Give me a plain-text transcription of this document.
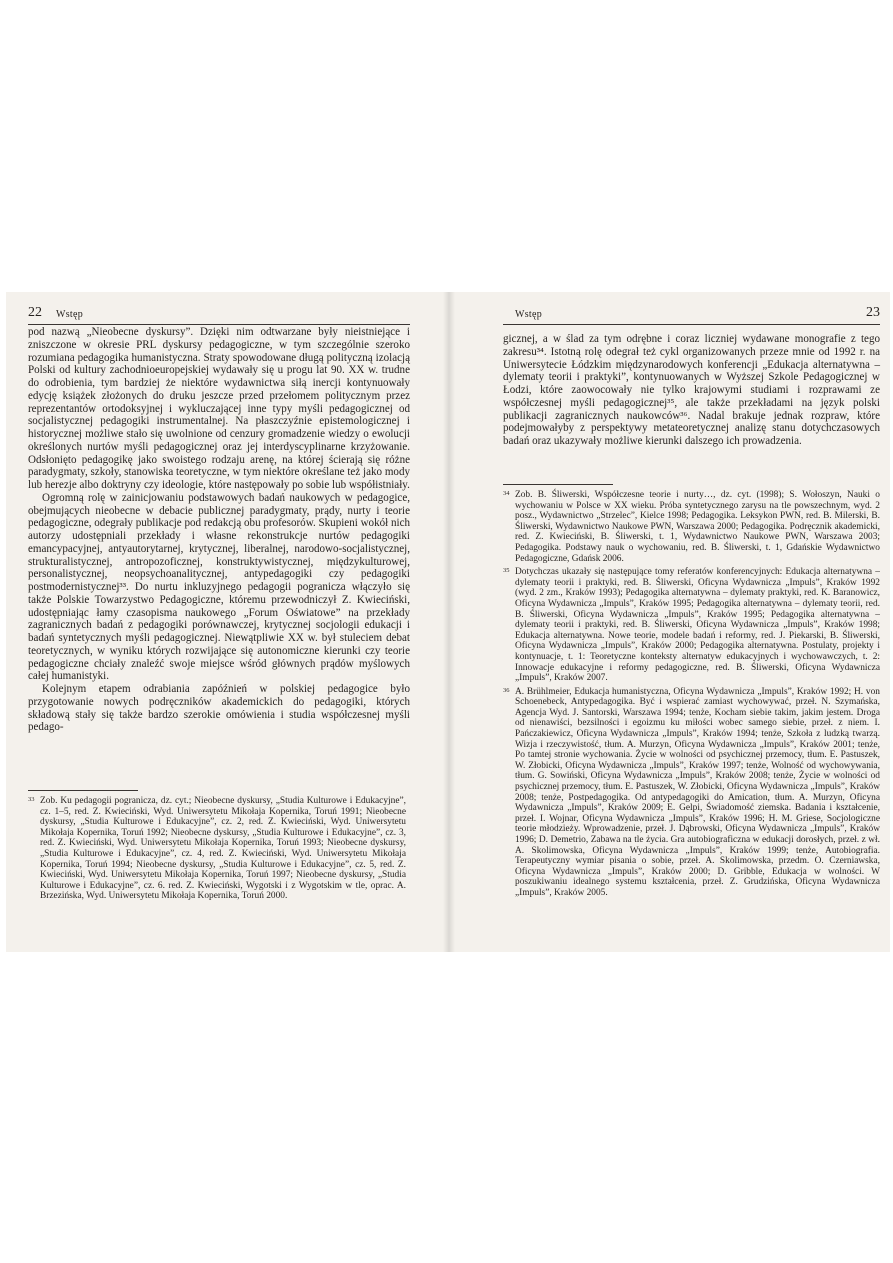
22 Wstęp

pod nazwą „Nieobecne dyskursy”. Dzięki nim odtwarzane były nieistniejące i zniszczone w okresie PRL dyskursy pedagogiczne, w tym szczególnie szeroko rozumiana pedagogika humanistyczna. Straty spowodowane długą polityczną izolacją Polski od kultury zachodnioeuropejskiej wydawały się u progu lat 90. XX w. trudne do odrobienia, tym bardziej że niektóre wydawnictwa siłą inercji kontynuowały edycję książek złożonych do druku jeszcze przed przełomem politycznym przez reprezentantów ortodoksyjnej i wykluczającej inne typy myśli pedagogicznej od socjalistycznej pedagogiki instrumentalnej. Na płaszczyźnie epistemologicznej i historycznej możliwe stało się uwolnione od cenzury gromadzenie wiedzy o ewolucji określonych nurtów myśli pedagogicznej oraz jej interdyscyplinarne krzyżowanie. Odsłonięto pedagogikę jako swoistego rodzaju arenę, na której ścierają się różne paradygmaty, szkoły, stanowiska teoretyczne, w tym niektóre określane też jako mody lub herezje albo doktryny czy ideologie, które następowały po sobie lub współistniały.

Ogromną rolę w zainicjowaniu podstawowych badań naukowych w pedagogice, obejmujących nieobecne w debacie publicznej paradygmaty, prądy, nurty i teorie pedagogiczne, odegrały publikacje pod redakcją obu profesorów. Skupieni wokół nich autorzy udostępniali przekłady i własne rekonstrukcje nurtów pedagogiki emancypacyjnej, antyautorytarnej, krytycznej, liberalnej, narodowo-socjalistycznej, strukturalistycznej, antropozoficznej, konstruktywistycznej, międzykulturowej, personalistycznej, neopsychoanalitycznej, antypedagogiki czy pedagogiki postmodernistycznej³³. Do nurtu inkluzyjnego pedagogii pogranicza włączyło się także Polskie Towarzystwo Pedagogiczne, któremu przewodniczył Z. Kwieciński, udostępniając łamy czasopisma naukowego „Forum Oświatowe” na przekłady zagranicznych badań z pedagogiki porównawczej, krytycznej socjologii edukacji i badań syntetycznych myśli pedagogicznej. Niewątpliwie XX w. był stuleciem debat teoretycznych, w wyniku których rozwijające się autonomiczne kierunki czy teorie pedagogiczne chciały znaleźć swoje miejsce wśród głównych prądów myślowych całej humanistyki.

Kolejnym etapem odrabiania zapóźnień w polskiej pedagogice było przygotowanie nowych podręczników akademickich do pedagogiki, których składową stały się także bardzo szerokie omówienia i studia współczesnej myśli pedago-

33 Zob. Ku pedagogii pogranicza, dz. cyt.; Nieobecne dyskursy, „Studia Kulturowe i Edukacyjne”, cz. 1–5, red. Z. Kwieciński, Wyd. Uniwersytetu Mikołaja Kopernika, Toruń 1991; Nieobecne dyskursy, „Studia Kulturowe i Edukacyjne”, cz. 2, red. Z. Kwieciński, Wyd. Uniwersytetu Mikołaja Kopernika, Toruń 1992; Nieobecne dyskursy, „Studia Kulturowe i Edukacyjne”, cz. 3, red. Z. Kwieciński, Wyd. Uniwersytetu Mikołaja Kopernika, Toruń 1993; Nieobecne dyskursy, „Studia Kulturowe i Edukacyjne”, cz. 4, red. Z. Kwieciński, Wyd. Uniwersytetu Mikołaja Kopernika, Toruń 1994; Nieobecne dyskursy, „Studia Kulturowe i Edukacyjne”, cz. 5, red. Z. Kwieciński, Wyd. Uniwersytetu Mikołaja Kopernika, Toruń 1997; Nieobecne dyskursy, „Studia Kulturowe i Edukacyjne”, cz. 6. red. Z. Kwieciński, Wygotski i z Wygotskim w tle, oprac. A. Brzezińska, Wyd. Uniwersytetu Mikołaja Kopernika, Toruń 2000.
Wstęp	23

gicznej, a w ślad za tym odrębne i coraz liczniej wydawane monografie z tego zakresu³⁴. Istotną rolę odegrał też cykl organizowanych przeze mnie od 1992 r. na Uniwersytecie Łódzkim międzynarodowych konferencji „Edukacja alternatywna – dylematy teorii i praktyki”, kontynuowanych w Wyższej Szkole Pedagogicznej w Łodzi, które zaowocowały nie tylko krajowymi studiami i rozprawami ze współczesnej myśli pedagogicznej³⁵, ale także przekładami na język polski publikacji zagranicznych naukowców³⁶. Nadal brakuje jednak rozpraw, które podejmowałyby z perspektywy metateoretycznej analizę stanu dotychczasowych badań oraz ukazywały możliwe kierunki dalszego ich prowadzenia.

34 Zob. B. Śliwerski, Współczesne teorie i nurty…, dz. cyt. (1998); S. Wołoszyn, Nauki o wychowaniu w Polsce w XX wieku. Próba syntetycznego zarysu na tle powszechnym, wyd. 2 posz., Wydawnictwo „Strzelec”, Kielce 1998; Pedagogika. Leksykon PWN, red. B. Milerski, B. Śliwerski, Wydawnictwo Naukowe PWN, Warszawa 2000; Pedagogika. Podręcznik akademicki, red. Z. Kwieciński, B. Śliwerski, t. 1, Wydawnictwo Naukowe PWN, Warszawa 2003; Pedagogika. Podstawy nauk o wychowaniu, red. B. Śliwerski, t. 1, Gdańskie Wydawnictwo Pedagogiczne, Gdańsk 2006.
35 Dotychczas ukazały się następujące tomy referatów konferencyjnych: Edukacja alternatywna – dylematy teorii i praktyki, red. B. Śliwerski, Oficyna Wydawnicza „Impuls”, Kraków 1992 (wyd. 2 zm., Kraków 1993); Pedagogika alternatywna – dylematy praktyki, red. K. Baranowicz, Oficyna Wydawnicza „Impuls”, Kraków 1995; Pedagogika alternatywna – dylematy teorii, red. B. Śliwerski, Oficyna Wydawnicza „Impuls”, Kraków 1995; Pedagogika alternatywna – dylematy teorii i praktyki, red. B. Śliwerski, Oficyna Wydawnicza „Impuls”, Kraków 1998; Edukacja alternatywna. Nowe teorie, modele badań i reformy, red. J. Piekarski, B. Śliwerski, Oficyna Wydawnicza „Impuls”, Kraków 2000; Pedagogika alternatywna. Postulaty, projekty i kontynuacje, t. 1: Teoretyczne konteksty alternatyw edukacyjnych i wychowawczych, t. 2: Innowacje edukacyjne i reformy pedagogiczne, red. B. Śliwerski, Oficyna Wydawnicza „Impuls”, Kraków 2007.
36 A. Brühlmeier, Edukacja humanistyczna, Oficyna Wydawnicza „Impuls”, Kraków 1992; H. von Schoenebeck, Antypedagogika. Być i wspierać zamiast wychowywać, przeł. N. Szymańska, Agencja Wyd. J. Santorski, Warszawa 1994; tenże, Kocham siebie takim, jakim jestem. Droga od nienawiści, bezsilności i egoizmu ku miłości wobec samego siebie, przeł. z niem. I. Pańczakiewicz, Oficyna Wydawnicza „Impuls”, Kraków 1994; tenże, Szkoła z ludzką twarzą. Wizja i rzeczywistość, tłum. A. Murzyn, Oficyna Wydawnicza „Impuls”, Kraków 2001; tenże, Po tamtej stronie wychowania. Życie w wolności od psychicznej przemocy, tłum. E. Pastuszek, W. Złobicki, Oficyna Wydawnicza „Impuls”, Kraków 1997; tenże, Wolność od wychowywania, tłum. G. Sowiński, Oficyna Wydawnicza „Impuls”, Kraków 2008; tenże, Życie w wolności od psychicznej przemocy, tłum. E. Pastuszek, W. Złobicki, Oficyna Wydawnicza „Impuls”, Kraków 2008; tenże, Postpedagogika. Od antypedagogiki do Amication, tłum. A. Murzyn, Oficyna Wydawnicza „Impuls”, Kraków 2009; E. Gelpi, Świadomość ziemska. Badania i kształcenie, przeł. I. Wojnar, Oficyna Wydawnicza „Impuls”, Kraków 1996; H. M. Griese, Socjologiczne teorie młodzieży. Wprowadzenie, przeł. J. Dąbrowski, Oficyna Wydawnicza „Impuls”, Kraków 1996; D. Demetrio, Zabawa na tle życia. Gra autobiograficzna w edukacji dorosłych, przeł. z wł. A. Skolimowska, Oficyna Wydawnicza „Impuls”, Kraków 1999; tenże, Autobiografia. Terapeutyczny wymiar pisania o sobie, przeł. A. Skolimowska, przedm. O. Czerniawska, Oficyna Wydawnicza „Impuls”, Kraków 2000; D. Gribble, Edukacja w wolności. W poszukiwaniu idealnego systemu kształcenia, przeł. Z. Grudzińska, Oficyna Wydawnicza „Impuls”, Kraków 2005.
